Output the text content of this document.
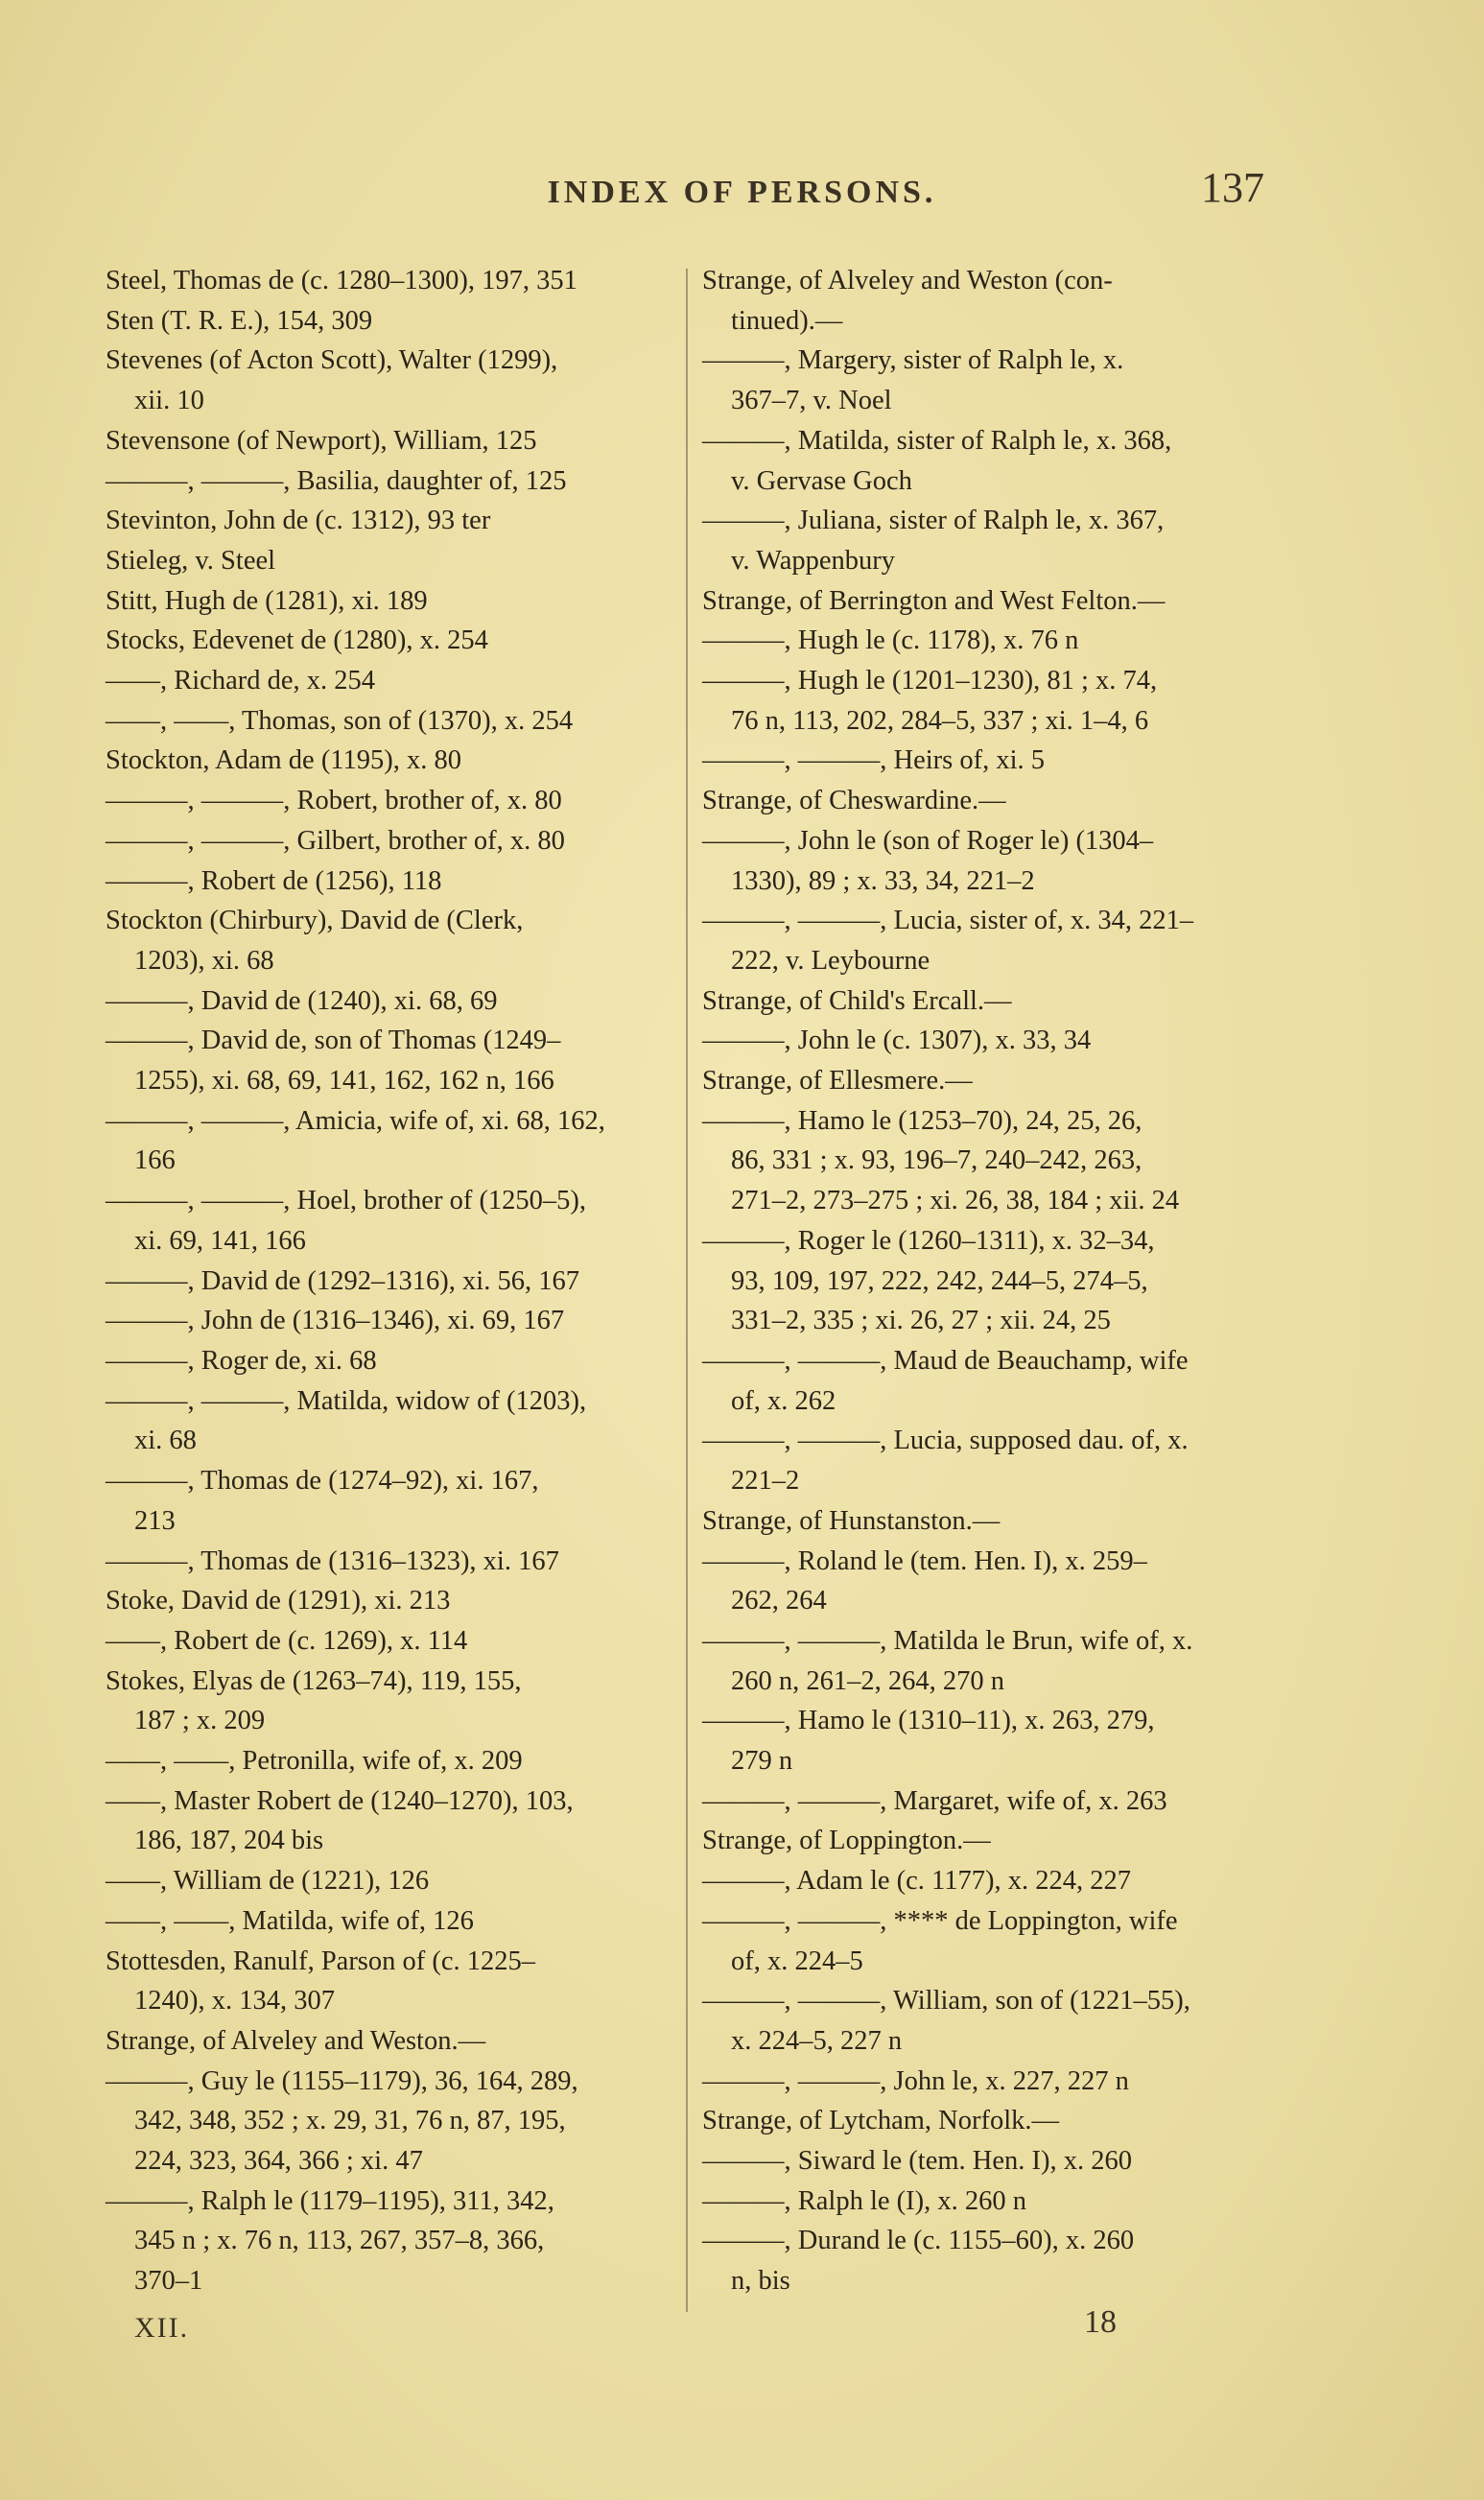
INDEX OF PERSONS.	137
Steel, Thomas de (c. 1280–1300), 197, 351
Sten (T. R. E.), 154, 309
Stevenes (of Acton Scott), Walter (1299),
xii. 10
Stevensone (of Newport), William, 125
———, ———, Basilia, daughter of, 125
Stevinton, John de (c. 1312), 93 ter
Stieleg, v. Steel
Stitt, Hugh de (1281), xi. 189
Stocks, Edevenet de (1280), x. 254
——, Richard de, x. 254
——, ——, Thomas, son of (1370), x. 254
Stockton, Adam de (1195), x. 80
———, ———, Robert, brother of, x. 80
———, ———, Gilbert, brother of, x. 80
———, Robert de (1256), 118
Stockton (Chirbury), David de (Clerk,
1203), xi. 68
———, David de (1240), xi. 68, 69
———, David de, son of Thomas (1249–
1255), xi. 68, 69, 141, 162, 162 n, 166
———, ———, Amicia, wife of, xi. 68, 162,
166
———, ———, Hoel, brother of (1250–5),
xi. 69, 141, 166
———, David de (1292–1316), xi. 56, 167
———, John de (1316–1346), xi. 69, 167
———, Roger de, xi. 68
———, ———, Matilda, widow of (1203),
xi. 68
———, Thomas de (1274–92), xi. 167,
213
———, Thomas de (1316–1323), xi. 167
Stoke, David de (1291), xi. 213
——, Robert de (c. 1269), x. 114
Stokes, Elyas de (1263–74), 119, 155,
187 ; x. 209
——, ——, Petronilla, wife of, x. 209
——, Master Robert de (1240–1270), 103,
186, 187, 204 bis
——, William de (1221), 126
——, ——, Matilda, wife of, 126
Stottesden, Ranulf, Parson of (c. 1225–
1240), x. 134, 307
Strange, of Alveley and Weston.—
———, Guy le (1155–1179), 36, 164, 289,
342, 348, 352 ; x. 29, 31, 76 n, 87, 195,
224, 323, 364, 366 ; xi. 47
———, Ralph le (1179–1195), 311, 342,
345 n ; x. 76 n, 113, 267, 357–8, 366,
370–1
Strange, of Alveley and Weston (con-
tinued).—
———, Margery, sister of Ralph le, x.
367–7, v. Noel
———, Matilda, sister of Ralph le, x. 368,
v. Gervase Goch
———, Juliana, sister of Ralph le, x. 367,
v. Wappenbury
Strange, of Berrington and West Felton.—
———, Hugh le (c. 1178), x. 76 n
———, Hugh le (1201–1230), 81 ; x. 74,
76 n, 113, 202, 284–5, 337 ; xi. 1–4, 6
———, ———, Heirs of, xi. 5
Strange, of Cheswardine.—
———, John le (son of Roger le) (1304–
1330), 89 ; x. 33, 34, 221–2
———, ———, Lucia, sister of, x. 34, 221–
222, v. Leybourne
Strange, of Child's Ercall.—
———, John le (c. 1307), x. 33, 34
Strange, of Ellesmere.—
———, Hamo le (1253–70), 24, 25, 26,
86, 331 ; x. 93, 196–7, 240–242, 263,
271–2, 273–275 ; xi. 26, 38, 184 ; xii. 24
———, Roger le (1260–1311), x. 32–34,
93, 109, 197, 222, 242, 244–5, 274–5,
331–2, 335 ; xi. 26, 27 ; xii. 24, 25
———, ———, Maud de Beauchamp, wife
of, x. 262
———, ———, Lucia, supposed dau. of, x.
221–2
Strange, of Hunstanston.—
———, Roland le (tem. Hen. I), x. 259–
262, 264
———, ———, Matilda le Brun, wife of, x.
260 n, 261–2, 264, 270 n
———, Hamo le (1310–11), x. 263, 279,
279 n
———, ———, Margaret, wife of, x. 263
Strange, of Loppington.—
———, Adam le (c. 1177), x. 224, 227
———, ———, **** de Loppington, wife
of, x. 224–5
———, ———, William, son of (1221–55),
x. 224–5, 227 n
———, ———, John le, x. 227, 227 n
Strange, of Lytcham, Norfolk.—
———, Siward le (tem. Hen. I), x. 260
———, Ralph le (I), x. 260 n
———, Durand le (c. 1155–60), x. 260
n, bis
XII.	18
